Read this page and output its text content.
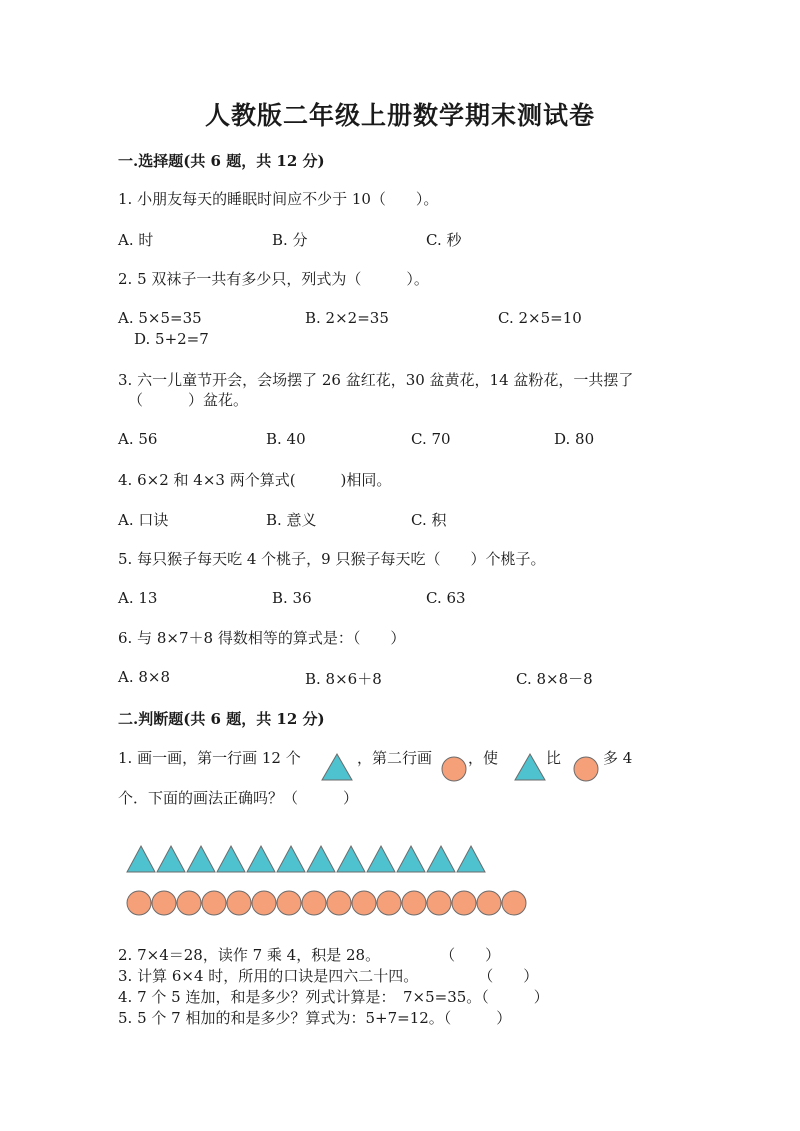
人教版二年级上册数学期末测试卷
一.选择题(共 6 题，共 12 分)
1. 小朋友每天的睡眠时间应不少于 10（　　）。
A. 时	B. 分	C. 秒
2. 5 双袜子一共有多少只，列式为（　　　）。
A. 5×5=35	B. 2×2=35	C. 2×5=10
D. 5+2=7
3. 六一儿童节开会，会场摆了 26 盆红花，30 盆黄花，14 盆粉花，一共摆了
（　　　）盆花。
A. 56	B. 40	C. 70	D. 80
4. 6×2 和 4×3 两个算式(　　　)相同。
A. 口诀	B. 意义	C. 积
5. 每只猴子每天吃 4 个桃子，9 只猴子每天吃（　　）个桃子。
A. 13	B. 36	C. 63
6. 与 8×7＋8 得数相等的算式是：（　　）
A. 8×8	B. 8×6＋8	C. 8×8－8
二.判断题(共 6 题，共 12 分)
1. 画一画，第一行画 12 个	，第二行画 ，使	比	多 4
个．下面的画法正确吗？（　　　）
2. 7×4＝28，读作 7 乘 4，积是 28。　　　　　（　　）
3. 计算 6×4 时，所用的口诀是四六二十四。　　　　　（　　）
4. 7 个 5 连加，和是多少？列式计算是：　7×5=35。（　　　）
5. 5 个 7 相加的和是多少？算式为：5+7=12。（　　　）
